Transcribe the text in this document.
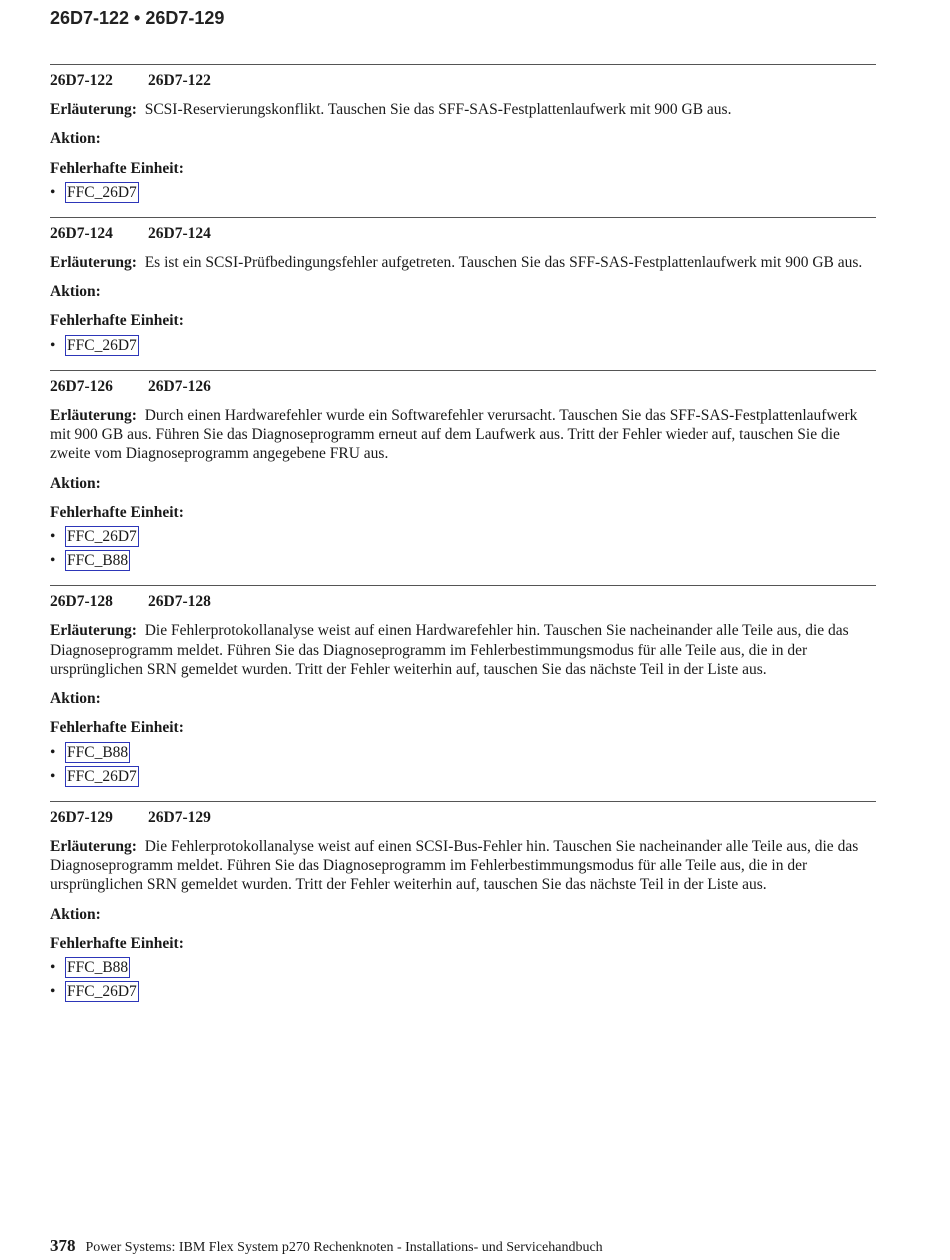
26D7-122 • 26D7-129
26D7-122 26D7-122
Erläuterung: SCSI-Reservierungskonflikt. Tauschen Sie das SFF-SAS-Festplattenlaufwerk mit 900 GB aus.
Aktion:
Fehlerhafte Einheit:
• FFC_26D7
26D7-124 26D7-124
Erläuterung: Es ist ein SCSI-Prüfbedingungsfehler aufgetreten. Tauschen Sie das SFF-SAS-Festplattenlaufwerk mit 900 GB aus.
Aktion:
Fehlerhafte Einheit:
• FFC_26D7
26D7-126 26D7-126
Erläuterung: Durch einen Hardwarefehler wurde ein Softwarefehler verursacht. Tauschen Sie das SFF-SAS-Festplattenlaufwerk mit 900 GB aus. Führen Sie das Diagnoseprogramm erneut auf dem Laufwerk aus. Tritt der Fehler wieder auf, tauschen Sie die zweite vom Diagnoseprogramm angegebene FRU aus.
Aktion:
Fehlerhafte Einheit:
• FFC_26D7
• FFC_B88
26D7-128 26D7-128
Erläuterung: Die Fehlerprotokollanalyse weist auf einen Hardwarefehler hin. Tauschen Sie nacheinander alle Teile aus, die das Diagnoseprogramm meldet. Führen Sie das Diagnoseprogramm im Fehlerbestimmungsmodus für alle Teile aus, die in der ursprünglichen SRN gemeldet wurden. Tritt der Fehler weiterhin auf, tauschen Sie das nächste Teil in der Liste aus.
Aktion:
Fehlerhafte Einheit:
• FFC_B88
• FFC_26D7
26D7-129 26D7-129
Erläuterung: Die Fehlerprotokollanalyse weist auf einen SCSI-Bus-Fehler hin. Tauschen Sie nacheinander alle Teile aus, die das Diagnoseprogramm meldet. Führen Sie das Diagnoseprogramm im Fehlerbestimmungsmodus für alle Teile aus, die in der ursprünglichen SRN gemeldet wurden. Tritt der Fehler weiterhin auf, tauschen Sie das nächste Teil in der Liste aus.
Aktion:
Fehlerhafte Einheit:
• FFC_B88
• FFC_26D7
378 Power Systems: IBM Flex System p270 Rechenknoten - Installations- und Servicehandbuch
